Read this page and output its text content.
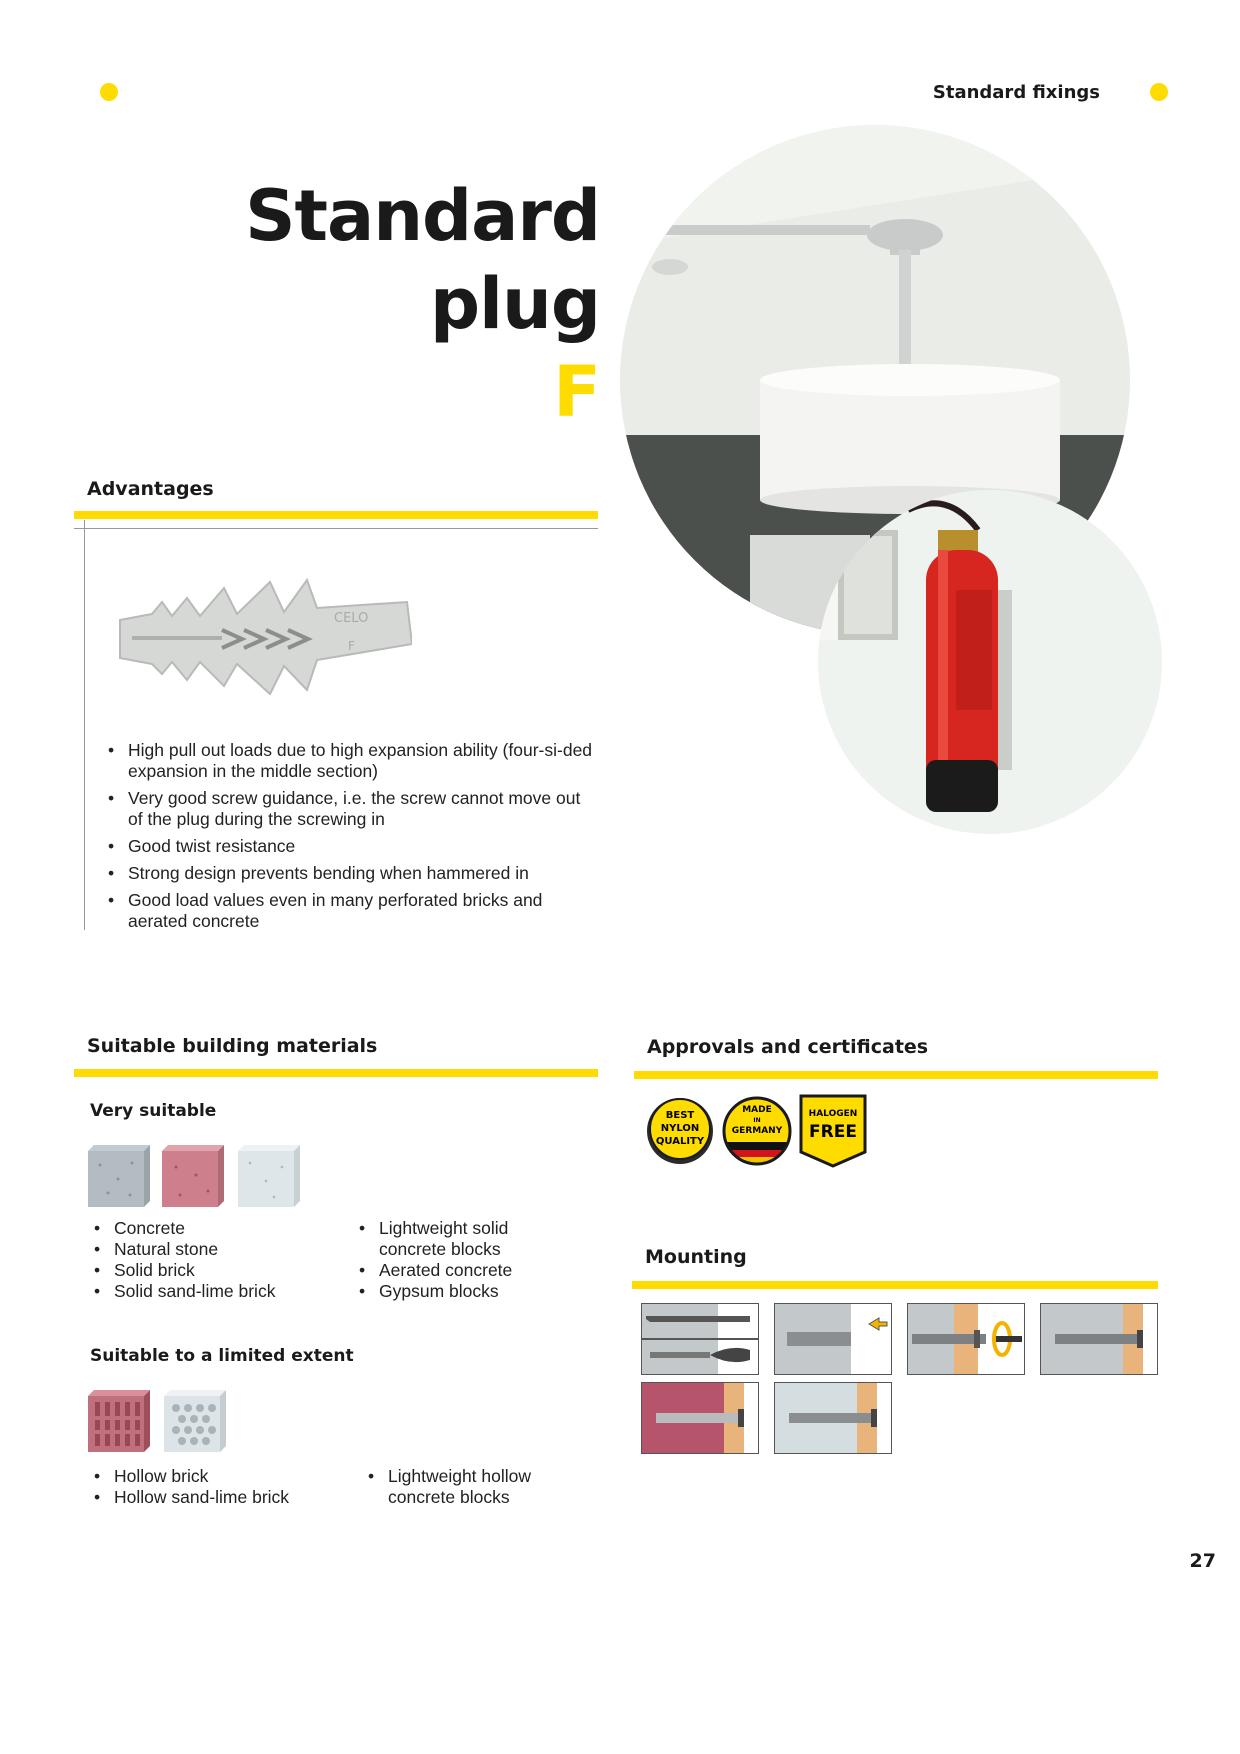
Standard fixings
Standard
plug
F
Advantages
CELO
F
• High pull out loads due to high expansion ability (four-si-ded expansion in the middle section)
• Very good screw guidance, i.e. the screw cannot move out of the plug during the screwing in
• Good twist resistance
• Strong design prevents bending when hammered in
• Good load values even in many perforated bricks and aerated concrete
Suitable building materials
Very suitable
• Concrete
• Natural stone
• Solid brick
• Solid sand-lime brick
• Lightweight solid concrete blocks
• Aerated concrete
• Gypsum blocks
Suitable to a limited extent
• Hollow brick
• Hollow sand-lime brick
• Lightweight hollow concrete blocks
Approvals and certificates
BEST
NYLON
QUALITY
MADE
IN
GERMANY
HALOGEN
FREE
Mounting
27
